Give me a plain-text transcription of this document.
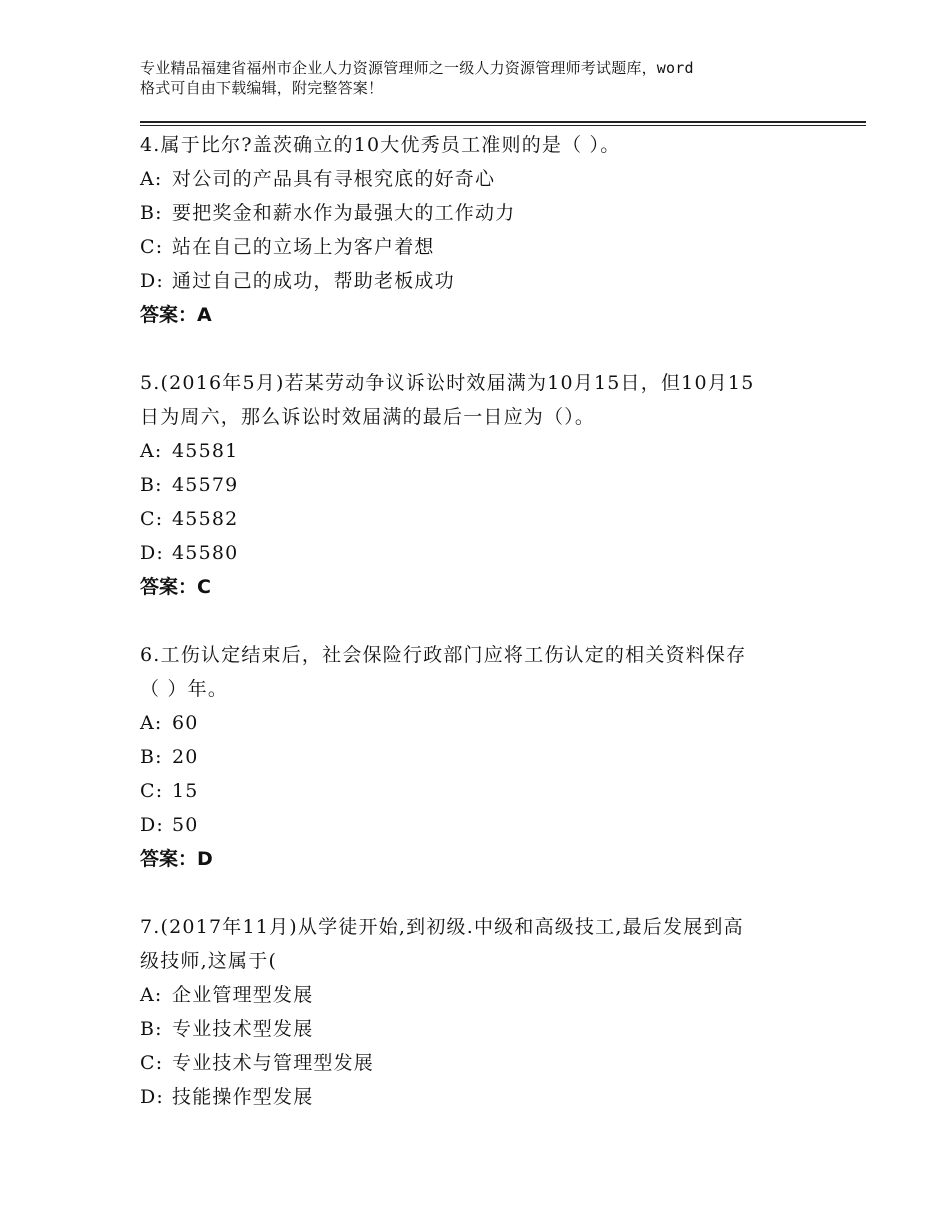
专业精品福建省福州市企业人力资源管理师之一级人力资源管理师考试题库，word
格式可自由下载编辑，附完整答案！

4.属于比尔?盖茨确立的10大优秀员工准则的是（ ）。

A: 对公司的产品具有寻根究底的好奇心

B: 要把奖金和薪水作为最强大的工作动力

C: 站在自己的立场上为客户着想

D: 通过自己的成功，帮助老板成功

答案：A

5.(2016年5月)若某劳动争议诉讼时效届满为10月15日，但10月15
日为周六，那么诉讼时效届满的最后一日应为（）。

A: 45581

B: 45579

C: 45582

D: 45580

答案：C

6.工伤认定结束后，社会保险行政部门应将工伤认定的相关资料保存
（ ）年。

A: 60

B: 20

C: 15

D: 50

答案：D

7.(2017年11月)从学徒开始,到初级.中级和高级技工,最后发展到高
级技师,这属于(

A: 企业管理型发展

B: 专业技术型发展

C: 专业技术与管理型发展

D: 技能操作型发展
